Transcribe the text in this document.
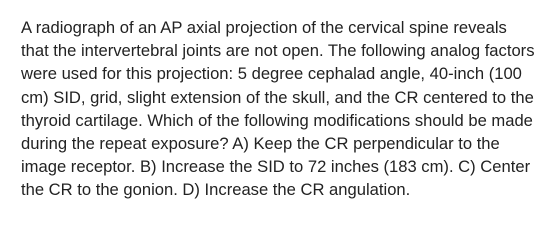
A radiograph of an AP axial projection of the cervical spine reveals that the intervertebral joints are not open. The following analog factors were used for this projection: 5 degree cephalad angle, 40-inch (100 cm) SID, grid, slight extension of the skull, and the CR centered to the thyroid cartilage. Which of the following modifications should be made during the repeat exposure? A) Keep the CR perpendicular to the image receptor. B) Increase the SID to 72 inches (183 cm). C) Center the CR to the gonion. D) Increase the CR angulation.
